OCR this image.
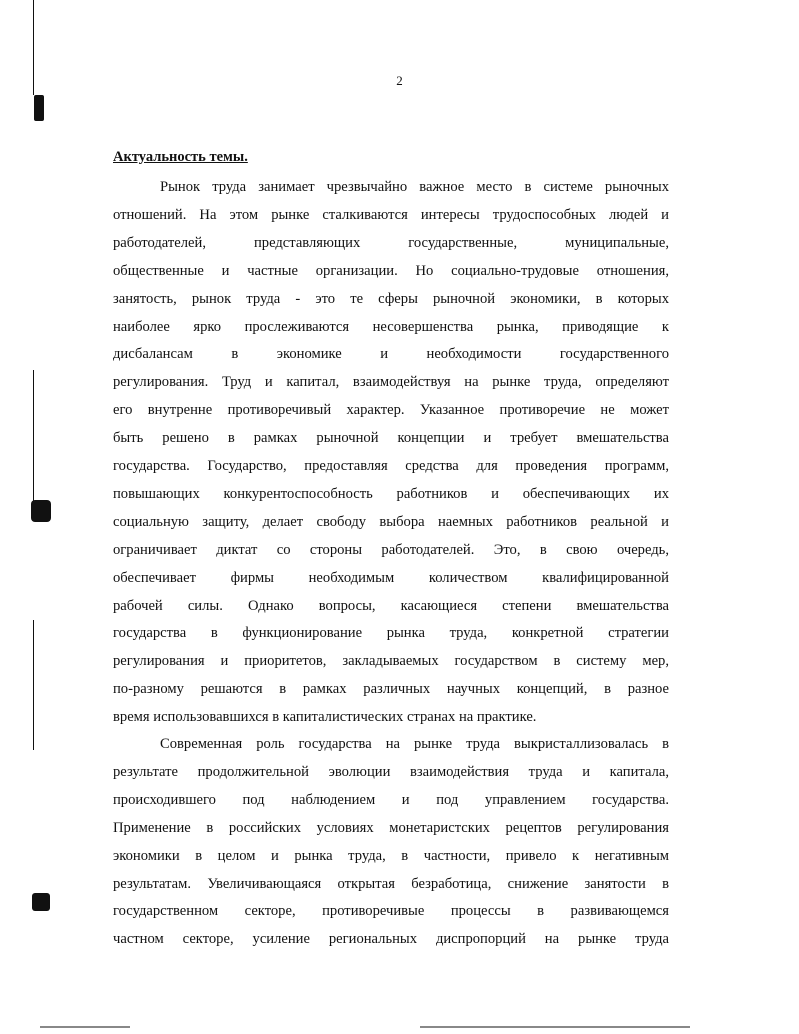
2
Актуальность темы.
Рынок труда занимает чрезвычайно важное место в системе рыночных
отношений. На этом рынке сталкиваются интересы трудоспособных людей и
работодателей, представляющих государственные, муниципальные,
общественные и частные организации. Но социально-трудовые отношения,
занятость, рынок труда - это те сферы рыночной экономики, в которых
наиболее ярко прослеживаются несовершенства рынка, приводящие к
дисбалансам в экономике и необходимости государственного
регулирования. Труд и капитал, взаимодействуя на рынке труда, определяют
его внутренне противоречивый характер. Указанное противоречие не может
быть решено в рамках рыночной концепции и требует вмешательства
государства. Государство, предоставляя средства для проведения программ,
повышающих конкурентоспособность работников и обеспечивающих их
социальную защиту, делает свободу выбора наемных работников реальной и
ограничивает диктат со стороны работодателей. Это, в свою очередь,
обеспечивает фирмы необходимым количеством квалифицированной
рабочей силы. Однако вопросы, касающиеся степени вмешательства
государства в функционирование рынка труда, конкретной стратегии
регулирования и приоритетов, закладываемых государством в систему мер,
по-разному решаются в рамках различных научных концепций, в разное
время использовавшихся в капиталистических странах на практике.
Современная роль государства на рынке труда выкристаллизовалась в
результате продолжительной эволюции взаимодействия труда и капитала,
происходившего под наблюдением и под управлением государства.
Применение в российских условиях монетаристских рецептов регулирования
экономики в целом и рынка труда, в частности, привело к негативным
результатам. Увеличивающаяся открытая безработица, снижение занятости в
государственном секторе, противоречивые процессы в развивающемся
частном секторе, усиление региональных диспропорций на рынке труда
